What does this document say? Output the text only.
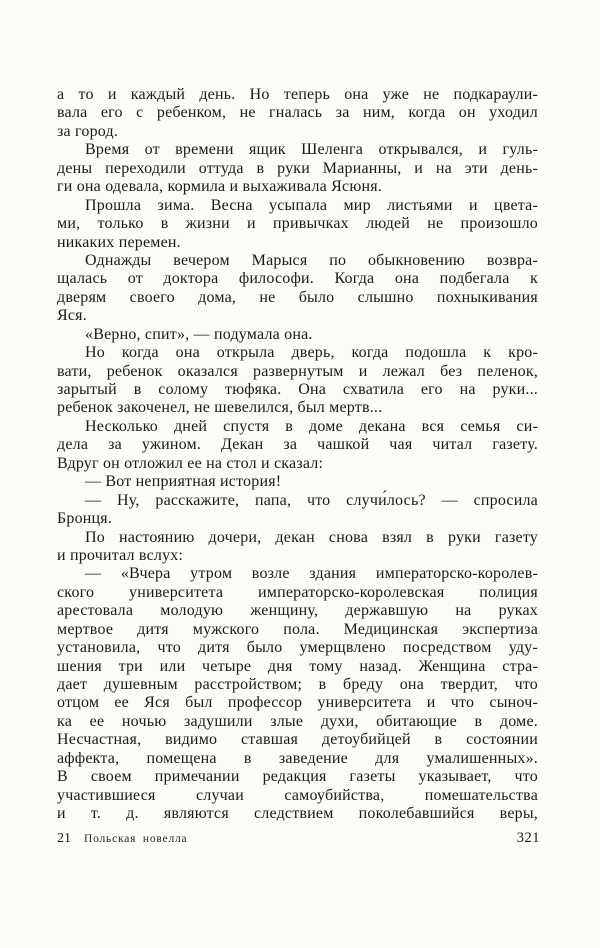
а то и каждый день. Но теперь она уже не подкараули-
вала его с ребенком, не гналась за ним, когда он уходил
за город.
Время от времени ящик Шеленга открывался, и гуль-
дены переходили оттуда в руки Марианны, и на эти день-
ги она одевала, кормила и выхаживала Ясюня.
Прошла зима. Весна усыпала мир листьями и цвета-
ми, только в жизни и привычках людей не произошло
никаких перемен.
Однажды вечером Марыся по обыкновению возвра-
щалась от доктора философи. Когда она подбегала к
дверям своего дома, не было слышно похныкивания
Яся.
«Верно, спит», — подумала она.
Но когда она открыла дверь, когда подошла к кро-
вати, ребенок оказался развернутым и лежал без пеленок,
зарытый в солому тюфяка. Она схватила его на руки...
ребенок закоченел, не шевелился, был мертв...
Несколько дней спустя в доме декана вся семья си-
дела за ужином. Декан за чашкой чая читал газету.
Вдруг он отложил ее на стол и сказал:
— Вот неприятная история!
— Ну, расскажите, папа, что случи́лось? — спросила
Бронця.
По настоянию дочери, декан снова взял в руки газету
и прочитал вслух:
— «Вчера утром возле здания императорско-королев-
ского университета императорско-королевская полиция
арестовала молодую женщину, державшую на руках
мертвое дитя мужского пола. Медицинская экспертиза
установила, что дитя было умерщвлено посредством уду-
шения три или четыре дня тому назад. Женщина стра-
дает душевным расстройством; в бреду она твердит, что
отцом ее Яся был профессор университета и что сыноч-
ка ее ночью задушили злые духи, обитающие в доме.
Несчастная, видимо ставшая детоубийцей в состоянии
аффекта, помещена в заведение для умалишенных».
В своем примечании редакция газеты указывает, что
участившиеся случаи самоубийства, помешательства
и т. д. являются следствием поколебавшийся веры,
21 Польская новелла	321
